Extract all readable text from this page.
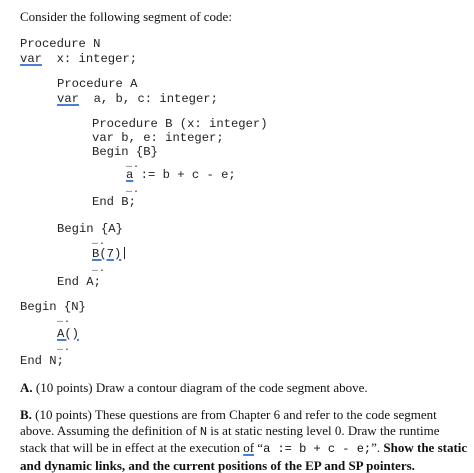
Consider the following segment of code:
Procedure N
var  x: integer;
Procedure A
var  a, b, c: integer;
Procedure B (x: integer)
var b, e: integer;
Begin {B}
….
a := b + c - e;
….
End B;
Begin {A}
….
B(7)
….
End A;
Begin {N}
….
A()
….
End N;
A. (10 points) Draw a contour diagram of the code segment above.
B. (10 points) These questions are from Chapter 6 and refer to the code segment above. Assuming the definition of N is at static nesting level 0. Draw the runtime stack that will be in effect at the execution of “a := b + c - e;”. Show the static and dynamic links, and the current positions of the EP and SP pointers.
